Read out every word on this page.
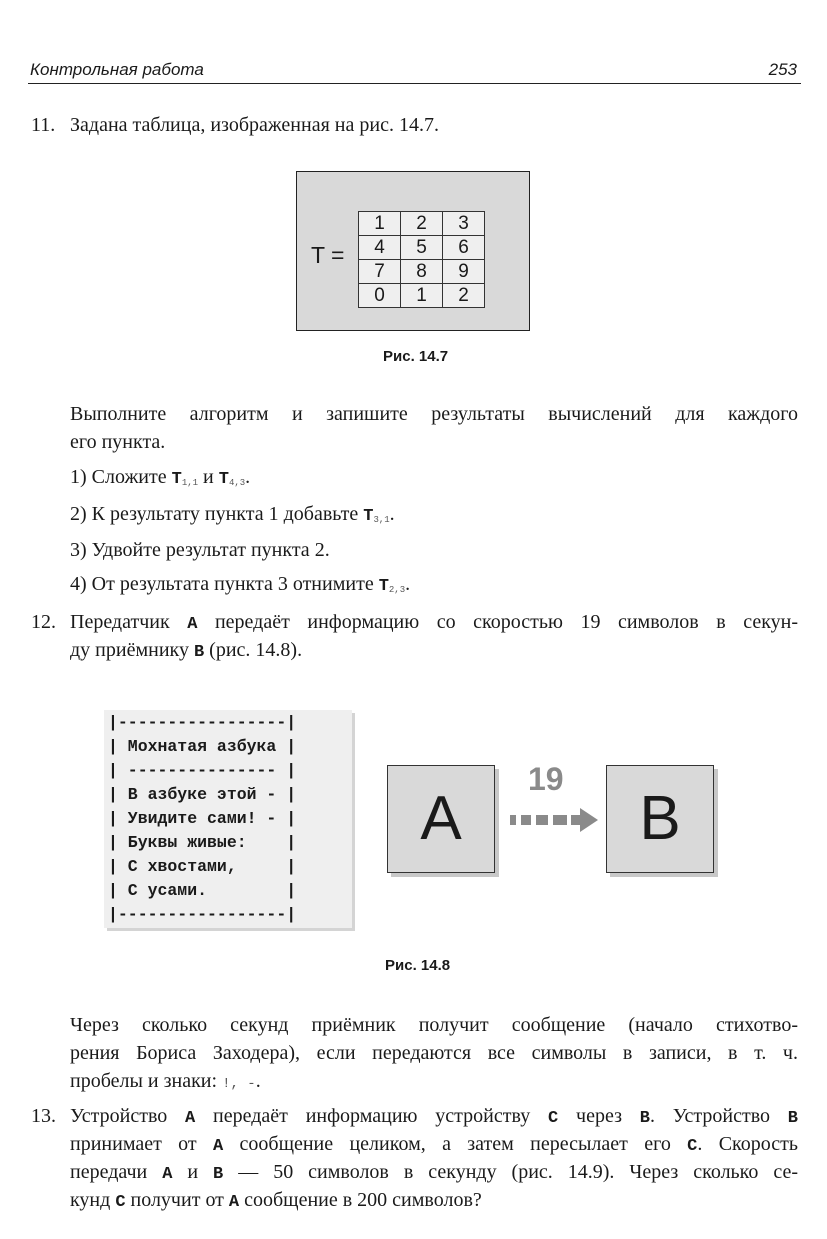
Контрольная работа	253
11. Задана таблица, изображенная на рис. 14.7.
T =
1	2	3
4	5	6
7	8	9
0	1	2
Рис. 14.7
Выполните алгоритм и запишите результаты вычислений для каждого
его пункта.
1) Сложите $T_{1,1}$ и $T_{4,3}$.
2) К результату пункта 1 добавьте $T_{3,1}$.
3) Удвойте результат пункта 2.
4) От результата пункта 3 отнимите $T_{2,3}$.
12. Передатчик A передаёт информацию со скоростью 19 символов в секун-
ду приёмнику B (рис. 14.8).
|-----------------|
| Мохнатая азбука |
| --------------- |
| В азбуке этой - |
| Увидите сами! - |
| Буквы живые:    |
| С хвостами,     |
| С усами.        |
|-----------------|
A	B
19
Рис. 14.8
Через сколько секунд приёмник получит сообщение (начало стихотво-
рения Бориса Заходера), если передаются все символы в записи, в т. ч.
пробелы и знаки: !, -.
13. Устройство A передаёт информацию устройству C через B. Устройство B
принимает от A сообщение целиком, а затем пересылает его C. Скорость
передачи A и B — 50 символов в секунду (рис. 14.9). Через сколько се-
кунд C получит от A сообщение в 200 символов?
